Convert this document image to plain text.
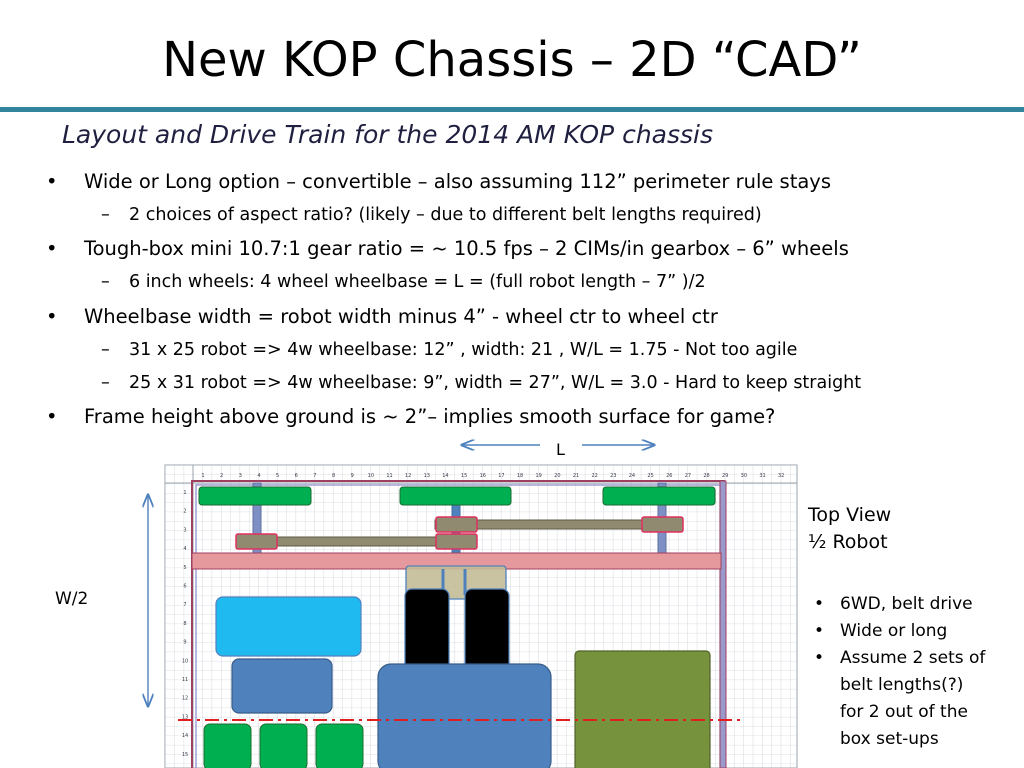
New KOP Chassis – 2D “CAD”
Layout and Drive Train for the 2014 AM KOP chassis
• Wide or Long option – convertible – also assuming 112” perimeter rule stays
– 2 choices of aspect ratio? (likely – due to different belt lengths required)
• Tough-box mini 10.7:1 gear ratio = ~ 10.5 fps – 2 CIMs/in gearbox – 6” wheels
– 6 inch wheels: 4 wheel wheelbase = L = (full robot length – 7” )/2
• Wheelbase width = robot width minus 4” - wheel ctr to wheel ctr
– 31 x 25 robot => 4w wheelbase: 12” , width: 21 , W/L = 1.75 - Not too agile
– 25 x 31 robot => 4w wheelbase: 9”, width = 27”, W/L = 3.0 - Hard to keep straight
• Frame height above ground is ~ 2”– implies smooth surface for game?
L
W/2
1	2	3	4	5	6	7	8	9	10 11 12 13 14 15 16 17 18 19 20 21 22 23 24 25 26 27 28 29 30 31 32
1
2
3
4
5
6
7
8
9
10
11
12
13
14
15
Top View
½ Robot
• 6WD, belt drive
• Wide or long
• Assume 2 sets of
belt lengths(?)
for 2 out of the
box set-ups
